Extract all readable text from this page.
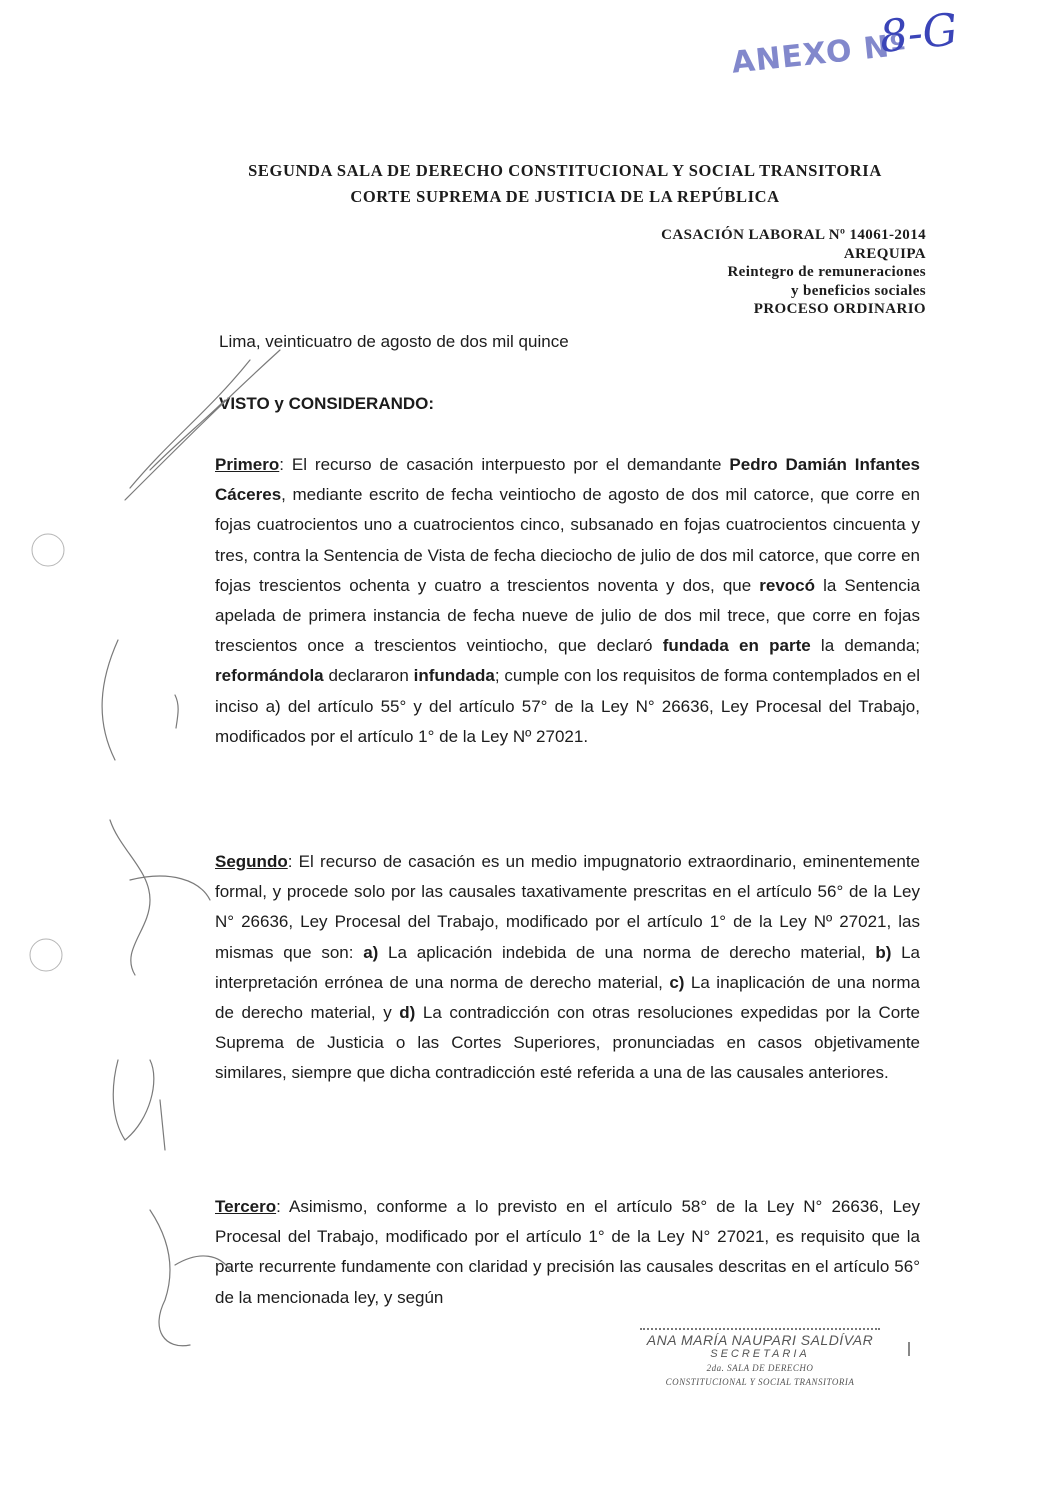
ANEXO Nº
8-G
SEGUNDA SALA DE DERECHO CONSTITUCIONAL Y SOCIAL TRANSITORIA
CORTE SUPREMA DE JUSTICIA DE LA REPÚBLICA
CASACIÓN LABORAL Nº 14061-2014
AREQUIPA
Reintegro de remuneraciones
y beneficios sociales
PROCESO ORDINARIO
Lima, veinticuatro de agosto de dos mil quince
VISTO y CONSIDERANDO:
Primero: El recurso de casación interpuesto por el demandante Pedro Damián Infantes Cáceres, mediante escrito de fecha veintiocho de agosto de dos mil catorce, que corre en fojas cuatrocientos uno a cuatrocientos cinco, subsanado en fojas cuatrocientos cincuenta y tres, contra la Sentencia de Vista de fecha dieciocho de julio de dos mil catorce, que corre en fojas trescientos ochenta y cuatro a trescientos noventa y dos, que revocó la Sentencia apelada de primera instancia de fecha nueve de julio de dos mil trece, que corre en fojas trescientos once a trescientos veintiocho, que declaró fundada en parte la demanda; reformándola declararon infundada; cumple con los requisitos de forma contemplados en el inciso a) del artículo 55° y del artículo 57° de la Ley N° 26636, Ley Procesal del Trabajo, modificados por el artículo 1° de la Ley Nº 27021.
Segundo: El recurso de casación es un medio impugnatorio extraordinario, eminentemente formal, y procede solo por las causales taxativamente prescritas en el artículo 56° de la Ley N° 26636, Ley Procesal del Trabajo, modificado por el artículo 1° de la Ley Nº 27021, las mismas que son: a) La aplicación indebida de una norma de derecho material, b) La interpretación errónea de una norma de derecho material, c) La inaplicación de una norma de derecho material, y d) La contradicción con otras resoluciones expedidas por la Corte Suprema de Justicia o las Cortes Superiores, pronunciadas en casos objetivamente similares, siempre que dicha contradicción esté referida a una de las causales anteriores.
Tercero: Asimismo, conforme a lo previsto en el artículo 58° de la Ley N° 26636, Ley Procesal del Trabajo, modificado por el artículo 1° de la Ley N° 27021, es requisito que la parte recurrente fundamente con claridad y precisión las causales descritas en el artículo 56° de la mencionada ley, y según
ANA MARÍA NAUPARI SALDÍVAR
SECRETARIA
2da. SALA DE DERECHO
CONSTITUCIONAL Y SOCIAL TRANSITORIA
